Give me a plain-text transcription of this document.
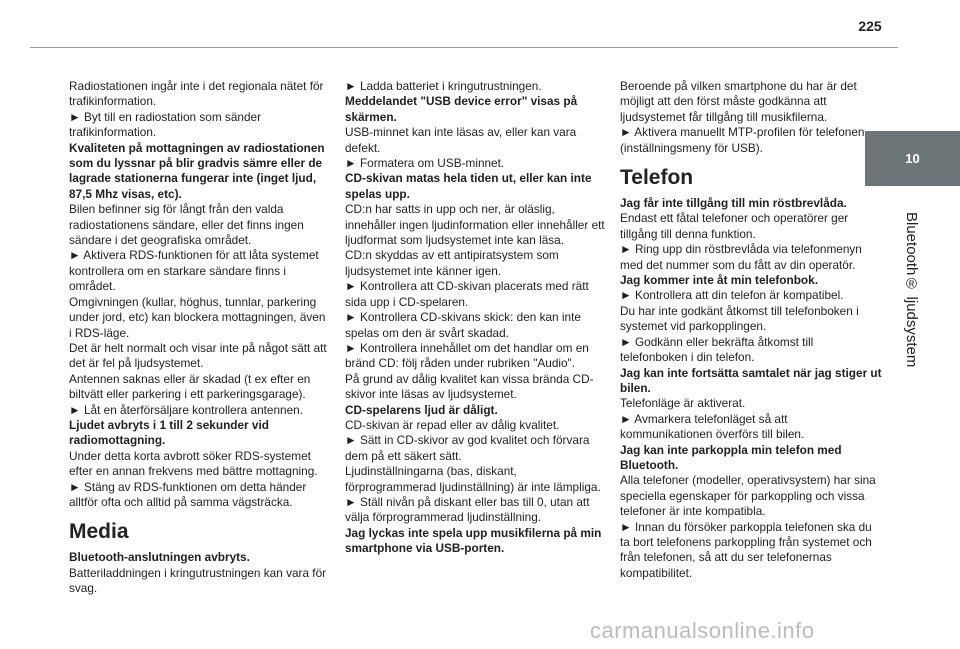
225
10
Bluetooth® ljudsystem

Radiostationen ingår inte i det regionala nätet för trafikinformation.

► Byt till en radiostation som sänder trafikinformation.

Kvaliteten på mottagningen av radiostationen som du lyssnar på blir gradvis sämre eller de lagrade stationerna fungerar inte (inget ljud, 87,5 Mhz visas, etc).

Bilen befinner sig för långt från den valda radiostationens sändare, eller det finns ingen sändare i det geografiska området.

► Aktivera RDS-funktionen för att låta systemet kontrollera om en starkare sändare finns i området.

Omgivningen (kullar, höghus, tunnlar, parkering under jord, etc) kan blockera mottagningen, även i RDS-läge.

Det är helt normalt och visar inte på något sätt att det är fel på ljudsystemet.

Antennen saknas eller är skadad (t ex efter en biltvätt eller parkering i ett parkeringsgarage).

► Låt en återförsäljare kontrollera antennen.

Ljudet avbryts i 1 till 2 sekunder vid radiomottagning.

Under detta korta avbrott söker RDS-systemet efter en annan frekvens med bättre mottagning.

► Stäng av RDS-funktionen om detta händer alltför ofta och alltid på samma vägsträcka.

Media

Bluetooth-anslutningen avbryts.

Batteriladdningen i kringutrustningen kan vara för svag.

► Ladda batteriet i kringutrustningen.

Meddelandet "USB device error" visas på skärmen.

USB-minnet kan inte läsas av, eller kan vara defekt.

► Formatera om USB-minnet.

CD-skivan matas hela tiden ut, eller kan inte spelas upp.

CD:n har satts in upp och ner, är oläslig, innehåller ingen ljudinformation eller innehåller ett ljudformat som ljudsystemet inte kan läsa.

CD:n skyddas av ett antipiratsystem som ljudsystemet inte känner igen.

► Kontrollera att CD-skivan placerats med rätt sida upp i CD-spelaren.

► Kontrollera CD-skivans skick: den kan inte spelas om den är svårt skadad.

► Kontrollera innehållet om det handlar om en bränd CD: följ råden under rubriken "Audio".

På grund av dålig kvalitet kan vissa brända CD-skivor inte läsas av ljudsystemet.

CD-spelarens ljud är dåligt.

CD-skivan är repad eller av dålig kvalitet.

► Sätt in CD-skivor av god kvalitet och förvara dem på ett säkert sätt.

Ljudinställningarna (bas, diskant, förprogrammerad ljudinställning) är inte lämpliga.

► Ställ nivån på diskant eller bas till 0, utan att välja förprogrammerad ljudinställning.

Jag lyckas inte spela upp musikfilerna på min smartphone via USB-porten.

Beroende på vilken smartphone du har är det möjligt att den först måste godkänna att ljudsystemet får tillgång till musikfilerna.

► Aktivera manuellt MTP-profilen för telefonen (inställningsmeny för USB).

Telefon

Jag får inte tillgång till min röstbrevlåda.

Endast ett fåtal telefoner och operatörer ger tillgång till denna funktion.

► Ring upp din röstbrevlåda via telefonmenyn med det nummer som du fått av din operatör.

Jag kommer inte åt min telefonbok.

► Kontrollera att din telefon är kompatibel.

Du har inte godkänt åtkomst till telefonboken i systemet vid parkopplingen.

► Godkänn eller bekräfta åtkomst till telefonboken i din telefon.

Jag kan inte fortsätta samtalet när jag stiger ut bilen.

Telefonläge är aktiverat.

► Avmarkera telefonläget så att kommunikationen överförs till bilen.

Jag kan inte parkoppla min telefon med Bluetooth.

Alla telefoner (modeller, operativsystem) har sina speciella egenskaper för parkoppling och vissa telefoner är inte kompatibla.

► Innan du försöker parkoppla telefonen ska du ta bort telefonens parkoppling från systemet och från telefonen, så att du ser telefonernas kompatibilitet.

carmanualsonline.info
